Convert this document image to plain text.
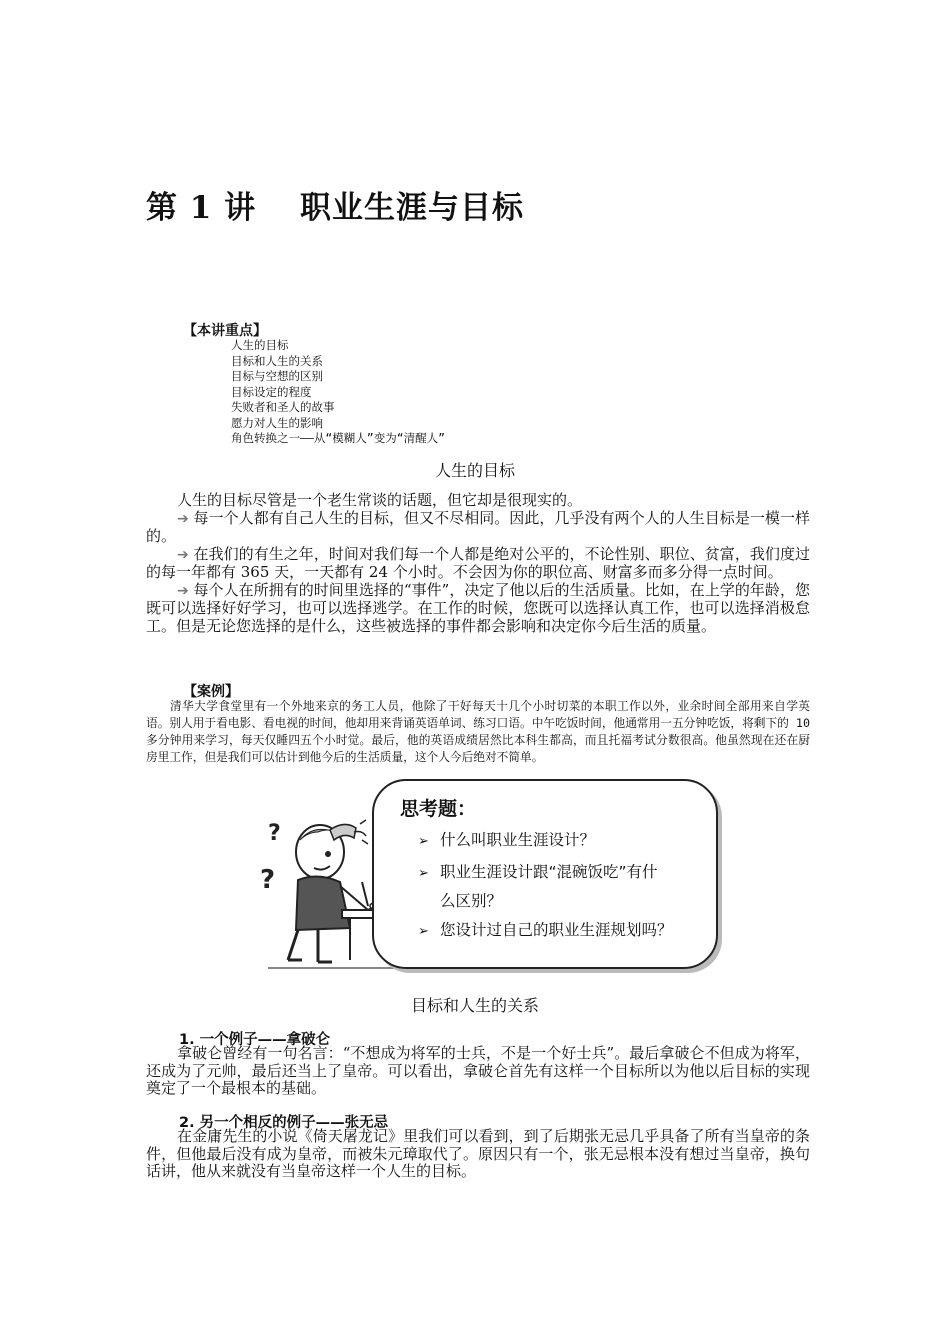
第 1 讲　 职业生涯与目标
【本讲重点】
人生的目标
目标和人生的关系
目标与空想的区别
目标设定的程度
失败者和圣人的故事
愿力对人生的影响
角色转换之一——从“模糊人”变为“清醒人”
人生的目标

人生的目标尽管是一个老生常谈的话题，但它却是很现实的。

➔ 每一个人都有自己人生的目标，但又不尽相同。因此，几乎没有两个人的人生目标是一模一样的。

➔ 在我们的有生之年，时间对我们每一个人都是绝对公平的，不论性别、职位、贫富，我们度过的每一年都有 365 天，一天都有 24 个小时。不会因为你的职位高、财富多而多分得一点时间。

➔ 每个人在所拥有的时间里选择的“事件”，决定了他以后的生活质量。比如，在上学的年龄，您既可以选择好好学习，也可以选择逃学。在工作的时候，您既可以选择认真工作，也可以选择消极怠工。但是无论您选择的是什么，这些被选择的事件都会影响和决定你今后生活的质量。

【案例】

清华大学食堂里有一个外地来京的务工人员，他除了干好每天十几个小时切菜的本职工作以外，业余时间全部用来自学英语。别人用于看电影、看电视的时间，他却用来背诵英语单词、练习口语。中午吃饭时间，他通常用一五分钟吃饭，将剩下的 10 多分钟用来学习，每天仅睡四五个小时觉。最后，他的英语成绩居然比本科生都高，而且托福考试分数很高。他虽然现在还在厨房里工作，但是我们可以估计到他今后的生活质量，这个人今后绝对不简单。

?
?
思考题：
➢ 什么叫职业生涯设计？
➢ 职业生涯设计跟“混碗饭吃”有什
么区别？
➢ 您设计过自己的职业生涯规划吗？
目标和人生的关系
1. 一个例子——拿破仑

拿破仑曾经有一句名言：“不想成为将军的士兵，不是一个好士兵”。最后拿破仑不但成为将军，还成为了元帅，最后还当上了皇帝。可以看出，拿破仑首先有这样一个目标所以为他以后目标的实现奠定了一个最根本的基础。

2. 另一个相反的例子——张无忌

在金庸先生的小说《倚天屠龙记》里我们可以看到，到了后期张无忌几乎具备了所有当皇帝的条件，但他最后没有成为皇帝，而被朱元璋取代了。原因只有一个，张无忌根本没有想过当皇帝，换句话讲，他从来就没有当皇帝这样一个人生的目标。
